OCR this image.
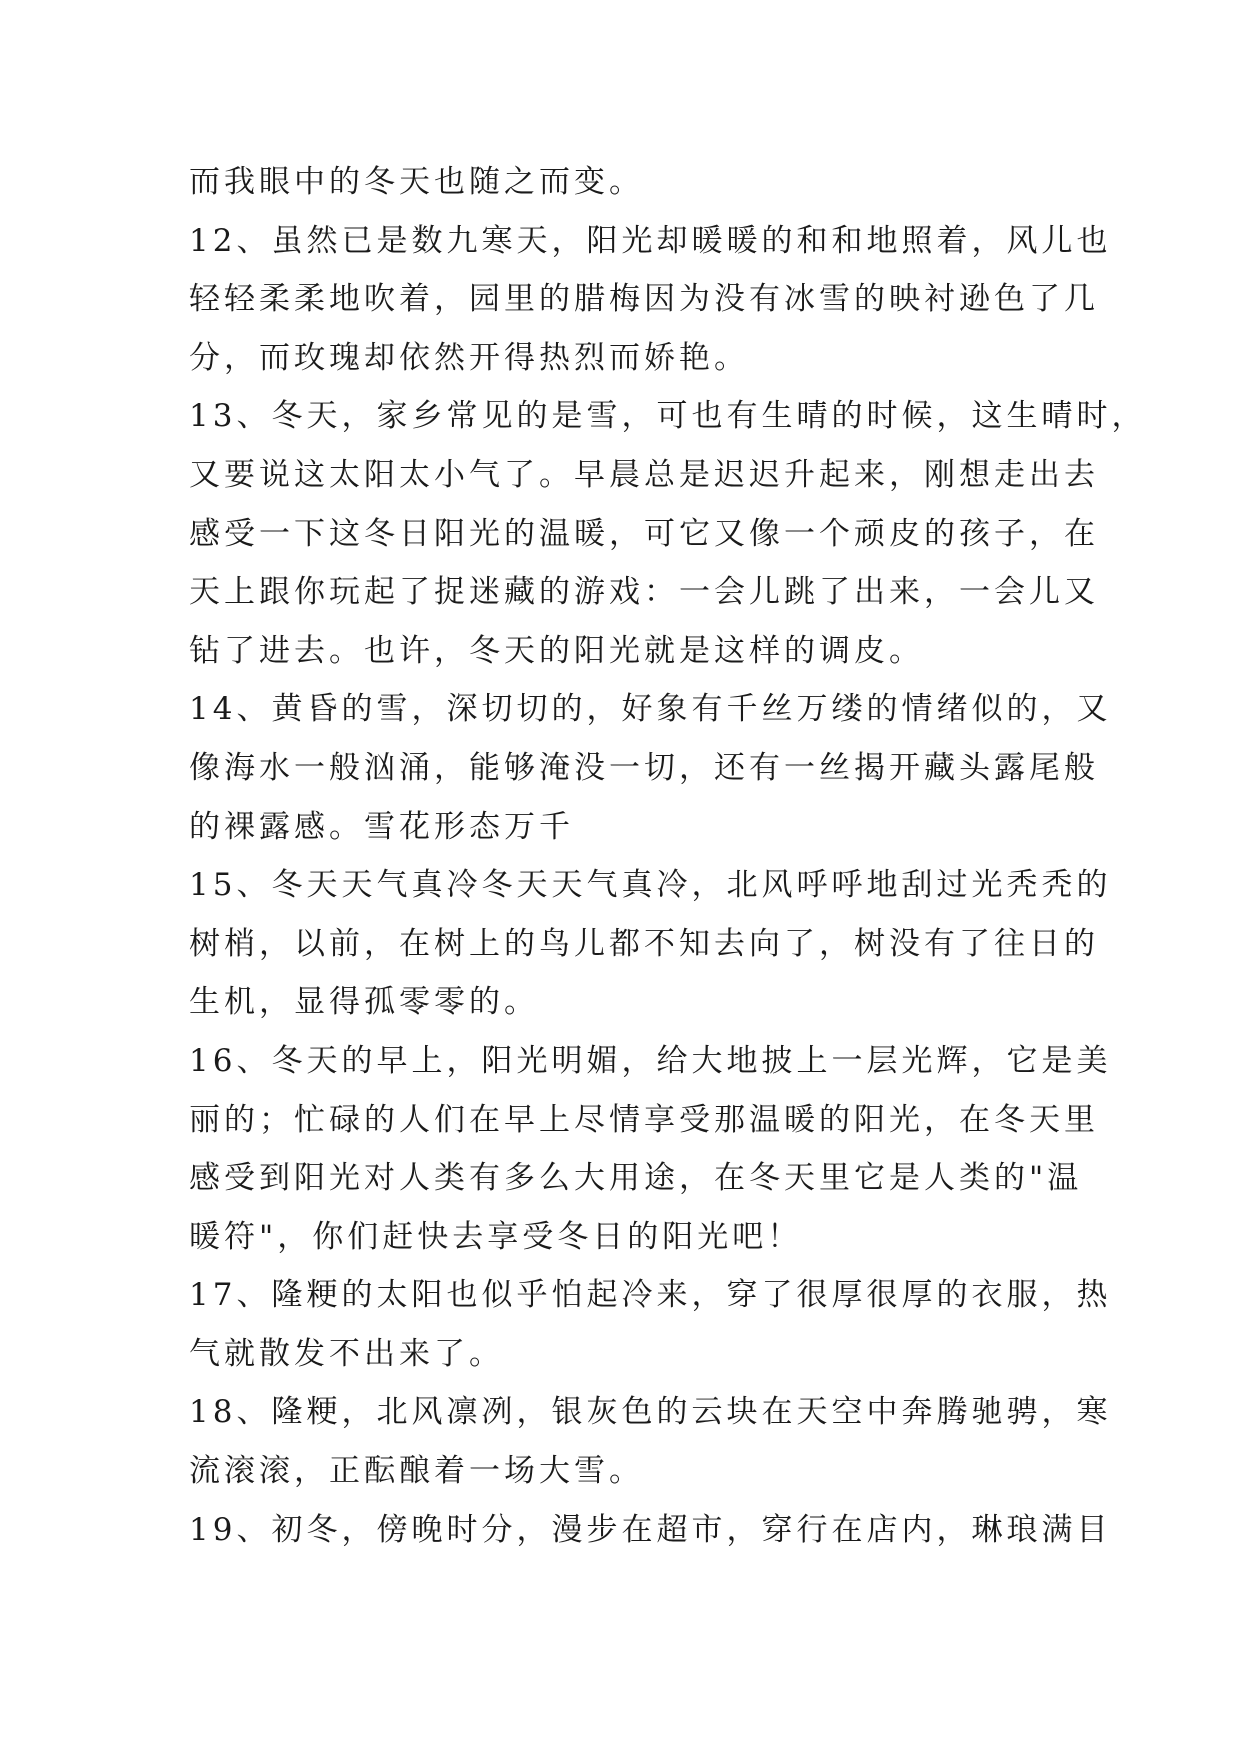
而我眼中的冬天也随之而变。
12、虽然已是数九寒天，阳光却暖暖的和和地照着，风儿也
轻轻柔柔地吹着，园里的腊梅因为没有冰雪的映衬逊色了几
分，而玫瑰却依然开得热烈而娇艳。
13、冬天，家乡常见的是雪，可也有生晴的时候，这生晴时，
又要说这太阳太小气了。早晨总是迟迟升起来，刚想走出去
感受一下这冬日阳光的温暖，可它又像一个顽皮的孩子，在
天上跟你玩起了捉迷藏的游戏：一会儿跳了出来，一会儿又
钻了进去。也许，冬天的阳光就是这样的调皮。
14、黄昏的雪，深切切的，好象有千丝万缕的情绪似的，又
像海水一般汹涌，能够淹没一切，还有一丝揭开藏头露尾般
的裸露感。雪花形态万千
15、冬天天气真冷冬天天气真冷，北风呼呼地刮过光秃秃的
树梢，以前，在树上的鸟儿都不知去向了，树没有了往日的
生机，显得孤零零的。
16、冬天的早上，阳光明媚，给大地披上一层光辉，它是美
丽的；忙碌的人们在早上尽情享受那温暖的阳光，在冬天里
感受到阳光对人类有多么大用途，在冬天里它是人类的"温
暖符"，你们赶快去享受冬日的阳光吧！
17、隆粳的太阳也似乎怕起冷来，穿了很厚很厚的衣服，热
气就散发不出来了。
18、隆粳，北风凛冽，银灰色的云块在天空中奔腾驰骋，寒
流滚滚，正酝酿着一场大雪。
19、初冬，傍晚时分，漫步在超市，穿行在店内，琳琅满目
